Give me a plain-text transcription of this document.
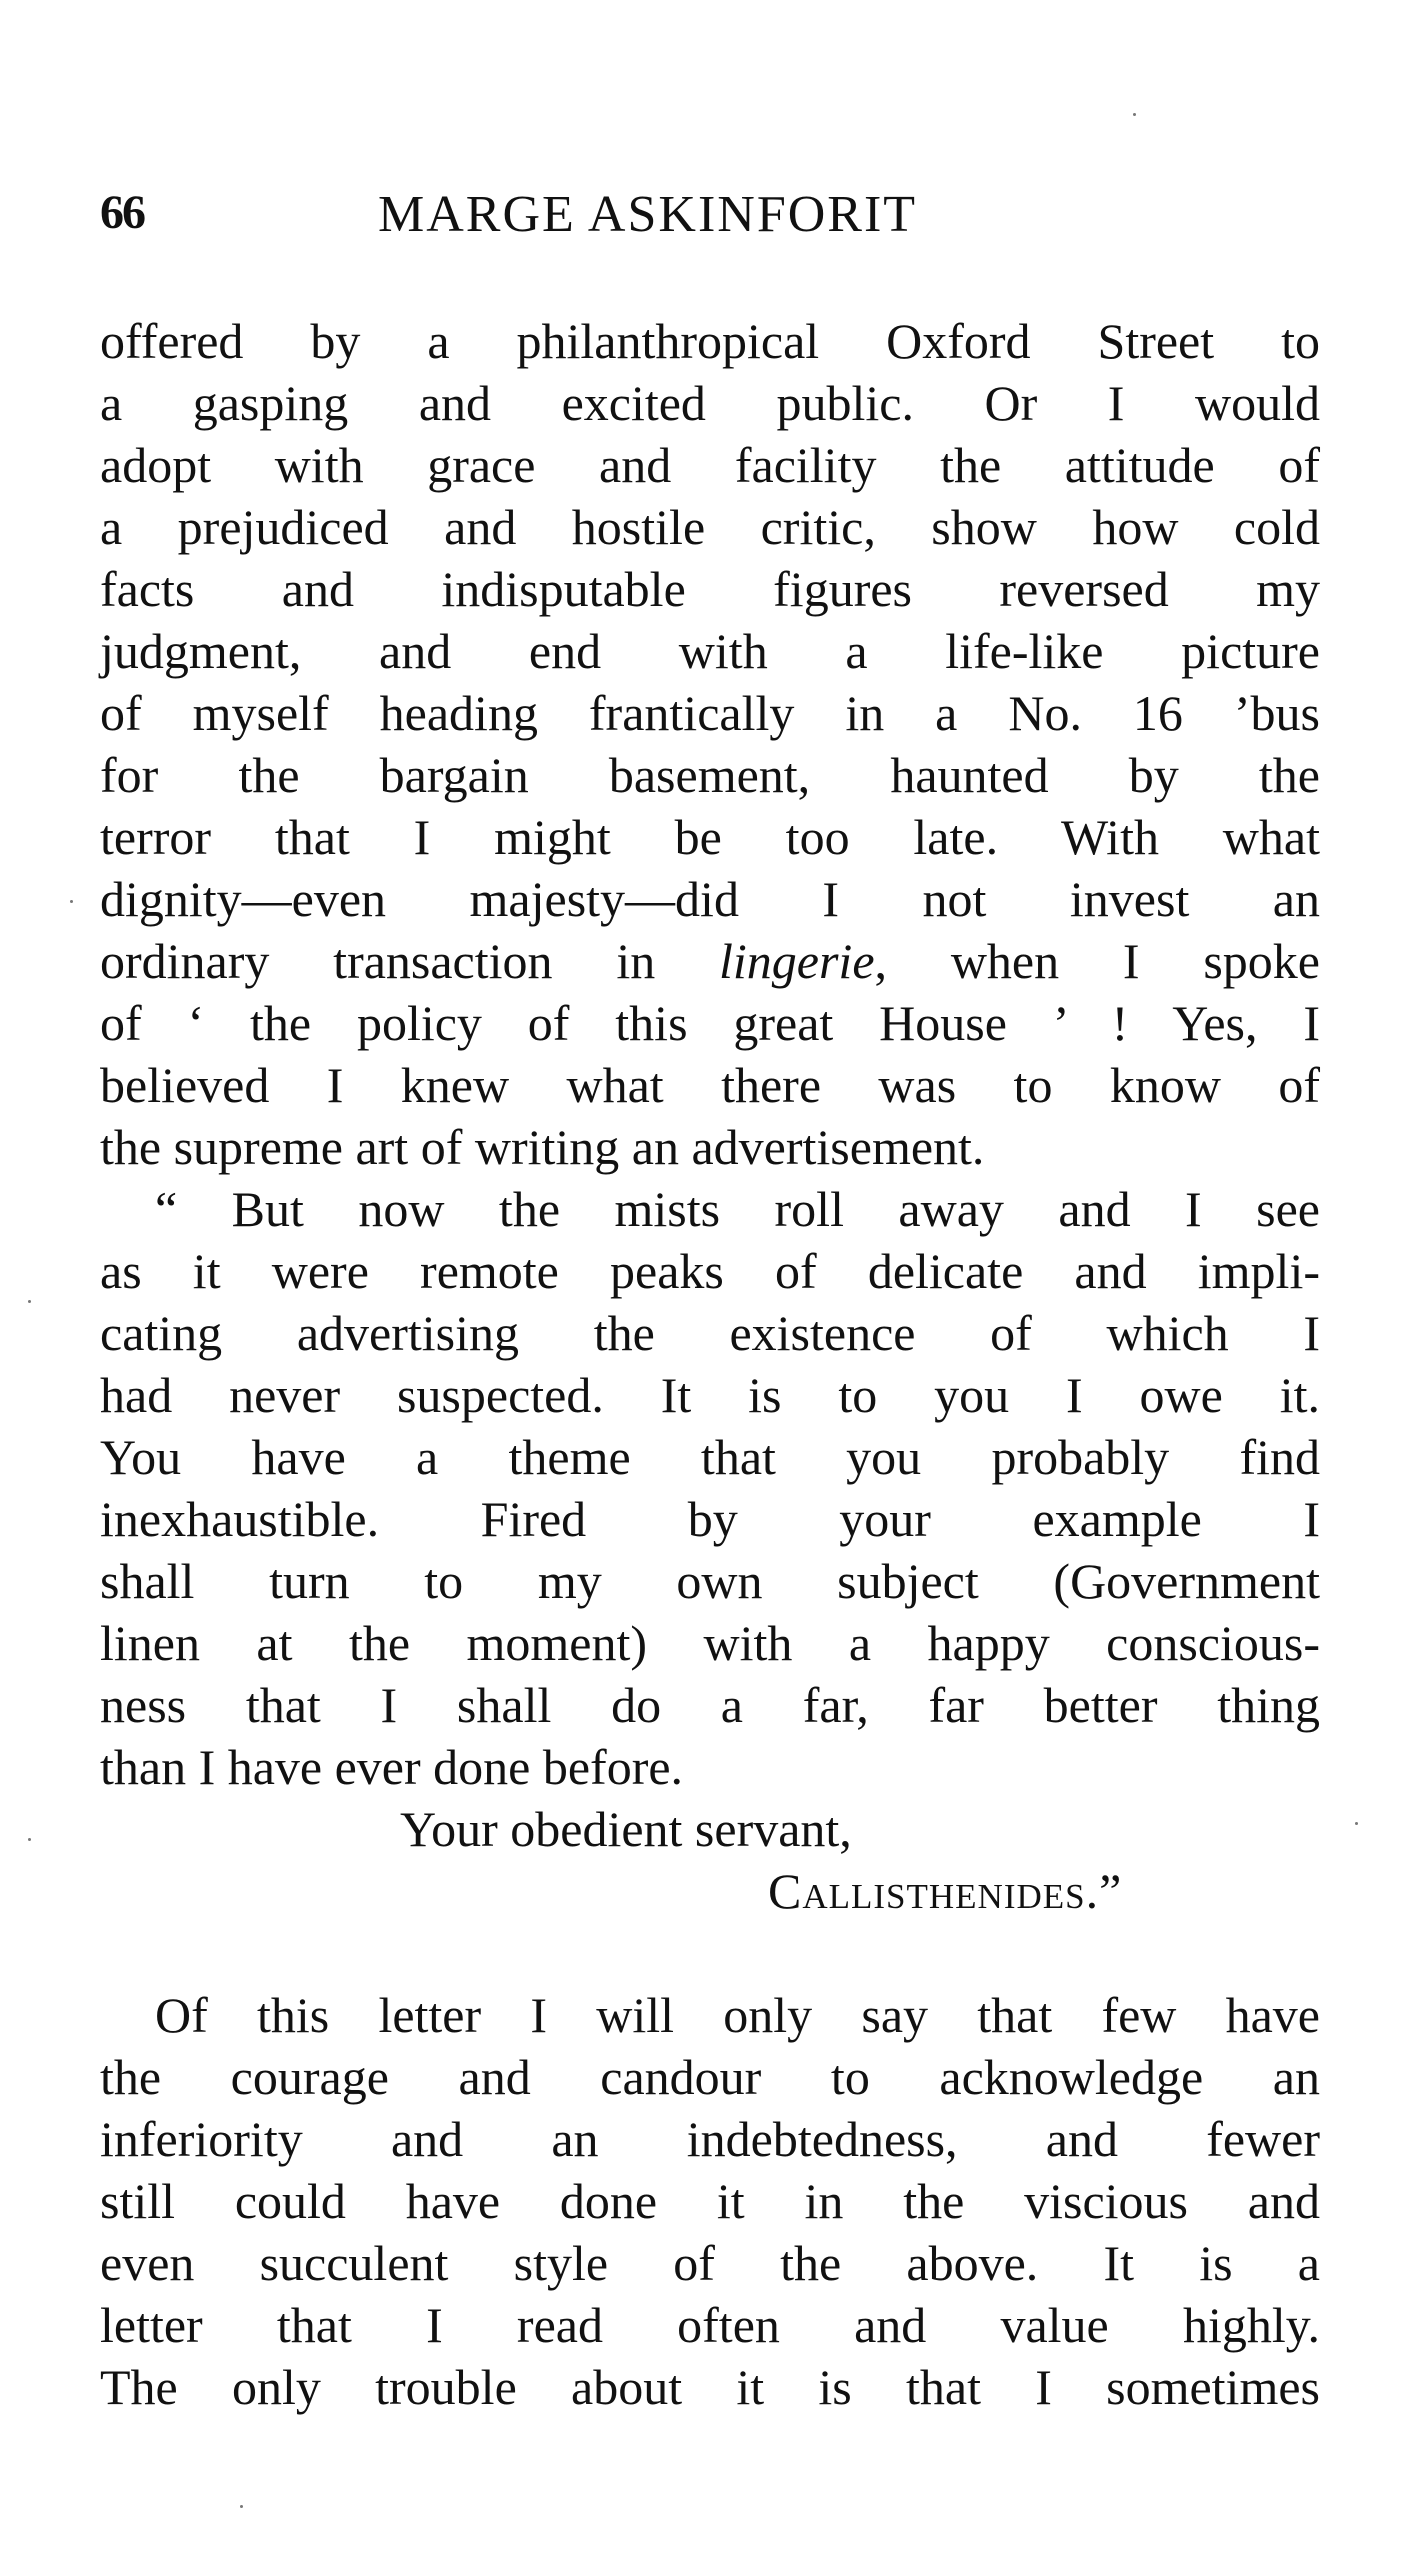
66	MARGE ASKINFORIT
offered by a philanthropical Oxford Street to
a gasping and excited public. Or I would
adopt with grace and facility the attitude of
a prejudiced and hostile critic, show how cold
facts and indisputable figures reversed my
judgment, and end with a life-like picture
of myself heading frantically in a No. 16 ’bus
for the bargain basement, haunted by the
terror that I might be too late. With what
dignity—even majesty—did I not invest an
ordinary transaction in lingerie, when I spoke
of ‘ the policy of this great House ’ ! Yes, I
believed I knew what there was to know of
the supreme art of writing an advertisement.
“ But now the mists roll away and I see
as it were remote peaks of delicate and impli-
cating advertising the existence of which I
had never suspected. It is to you I owe it.
You have a theme that you probably find
inexhaustible. Fired by your example I
shall turn to my own subject (Government
linen at the moment) with a happy conscious-
ness that I shall do a far, far better thing
than I have ever done before.
Your obedient servant,
Callisthenides.”
Of this letter I will only say that few have
the courage and candour to acknowledge an
inferiority and an indebtedness, and fewer
still could have done it in the viscious and
even succulent style of the above. It is a
letter that I read often and value highly.
The only trouble about it is that I sometimes
